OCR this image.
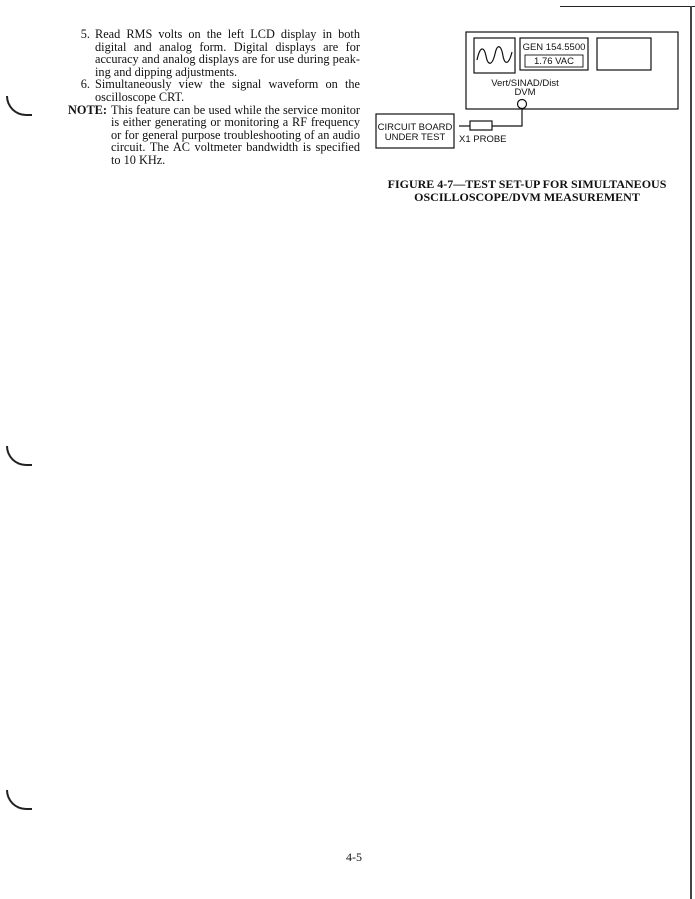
5. Read RMS volts on the left LCD display in both digital and analog form. Digital displays are for accuracy and analog displays are for use during peak-ing and dipping adjustments.
6. Simultaneously view the signal waveform on the oscilloscope CRT.
NOTE: This feature can be used while the service monitor is either generating or monitoring a RF frequency or for general purpose troubleshooting of an audio circuit. The AC voltmeter bandwidth is specified to 10 KHz.
GEN 154.5500
1.76 VAC
Vert/SINAD/Dist
DVM
CIRCUIT BOARD
UNDER TEST X1 PROBE
FIGURE 4-7—TEST SET-UP FOR SIMULTANEOUS
OSCILLOSCOPE/DVM MEASUREMENT
4-5
